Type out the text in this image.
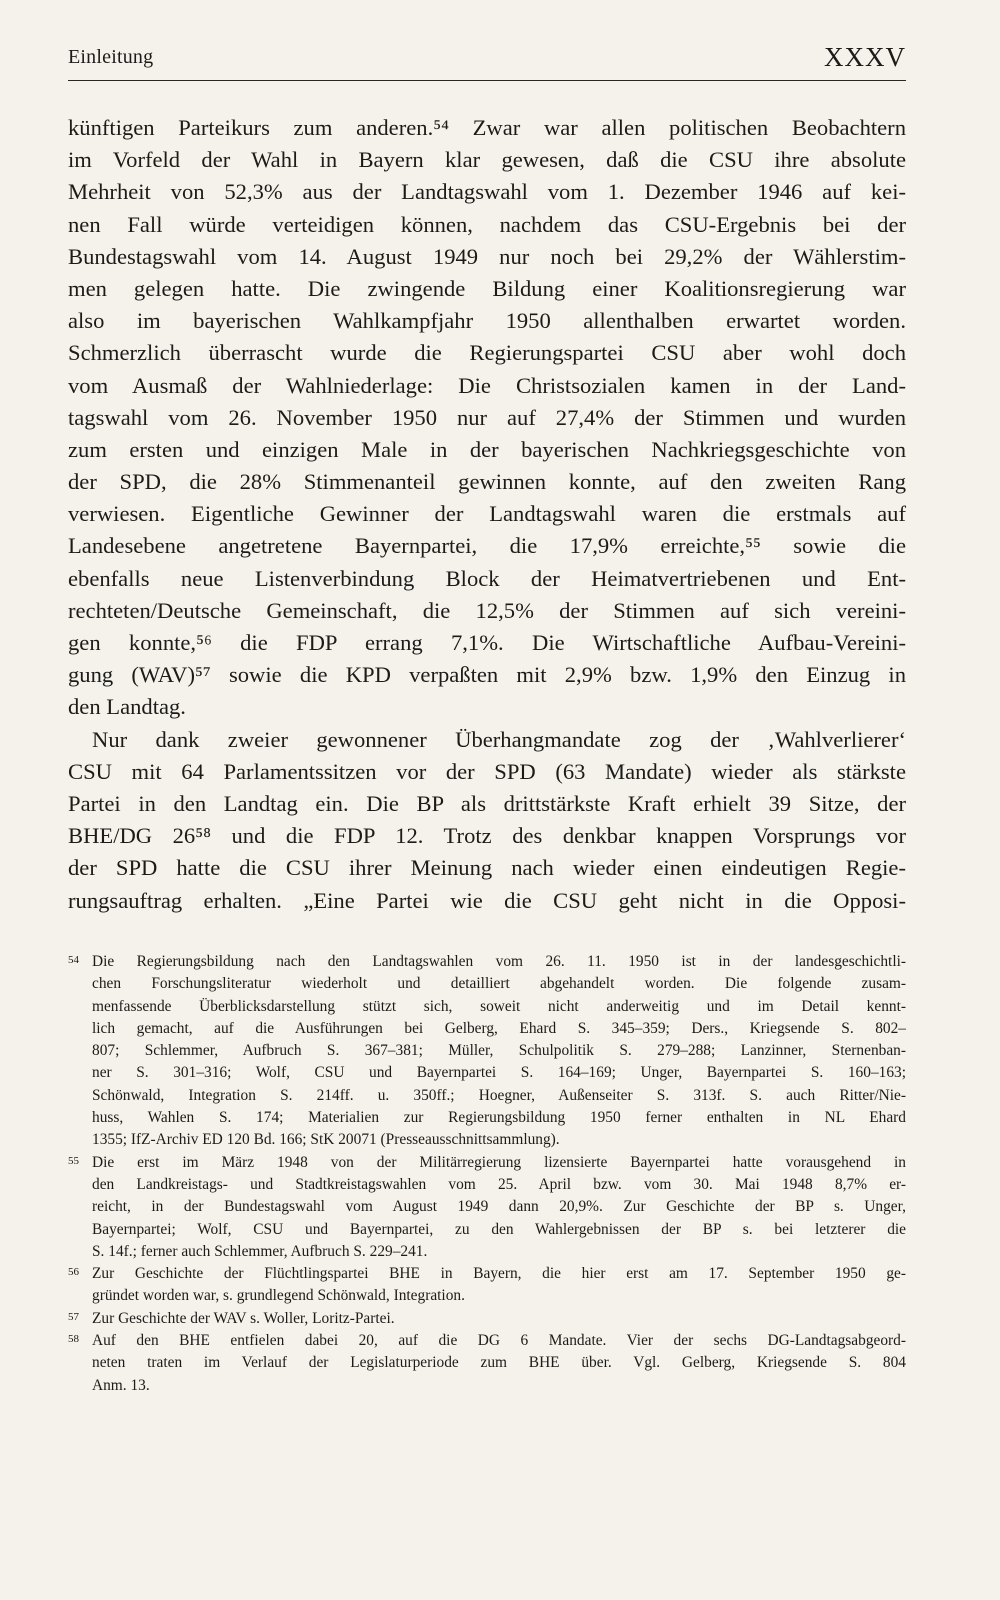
Einleitung	XXXV
künftigen Parteikurs zum anderen.⁵⁴ Zwar war allen politischen Beobachtern
im Vorfeld der Wahl in Bayern klar gewesen, daß die CSU ihre absolute
Mehrheit von 52,3% aus der Landtagswahl vom 1. Dezember 1946 auf kei-
nen Fall würde verteidigen können, nachdem das CSU-Ergebnis bei der
Bundestagswahl vom 14. August 1949 nur noch bei 29,2% der Wählerstim-
men gelegen hatte. Die zwingende Bildung einer Koalitionsregierung war
also im bayerischen Wahlkampfjahr 1950 allenthalben erwartet worden.
Schmerzlich überrascht wurde die Regierungspartei CSU aber wohl doch
vom Ausmaß der Wahlniederlage: Die Christsozialen kamen in der Land-
tagswahl vom 26. November 1950 nur auf 27,4% der Stimmen und wurden
zum ersten und einzigen Male in der bayerischen Nachkriegsgeschichte von
der SPD, die 28% Stimmenanteil gewinnen konnte, auf den zweiten Rang
verwiesen. Eigentliche Gewinner der Landtagswahl waren die erstmals auf
Landesebene angetretene Bayernpartei, die 17,9% erreichte,⁵⁵ sowie die
ebenfalls neue Listenverbindung Block der Heimatvertriebenen und Ent-
rechteten/Deutsche Gemeinschaft, die 12,5% der Stimmen auf sich vereini-
gen konnte,⁵⁶ die FDP errang 7,1%. Die Wirtschaftliche Aufbau-Vereini-
gung (WAV)⁵⁷ sowie die KPD verpaßten mit 2,9% bzw. 1,9% den Einzug in
den Landtag.
Nur dank zweier gewonnener Überhangmandate zog der ‚Wahlverlierer‘
CSU mit 64 Parlamentssitzen vor der SPD (63 Mandate) wieder als stärkste
Partei in den Landtag ein. Die BP als drittstärkste Kraft erhielt 39 Sitze, der
BHE/DG 26⁵⁸ und die FDP 12. Trotz des denkbar knappen Vorsprungs vor
der SPD hatte die CSU ihrer Meinung nach wieder einen eindeutigen Regie-
rungsauftrag erhalten. „Eine Partei wie die CSU geht nicht in die Opposi-
54 Die Regierungsbildung nach den Landtagswahlen vom 26. 11. 1950 ist in der landesgeschichtli-
chen Forschungsliteratur wiederholt und detailliert abgehandelt worden. Die folgende zusam-
menfassende Überblicksdarstellung stützt sich, soweit nicht anderweitig und im Detail kennt-
lich gemacht, auf die Ausführungen bei Gelberg, Ehard S. 345–359; Ders., Kriegsende S. 802–
807; Schlemmer, Aufbruch S. 367–381; Müller, Schulpolitik S. 279–288; Lanzinner, Sternenban-
ner S. 301–316; Wolf, CSU und Bayernpartei S. 164–169; Unger, Bayernpartei S. 160–163;
Schönwald, Integration S. 214ff. u. 350ff.; Hoegner, Außenseiter S. 313f. S. auch Ritter/Nie-
huss, Wahlen S. 174; Materialien zur Regierungsbildung 1950 ferner enthalten in NL Ehard
1355; IfZ-Archiv ED 120 Bd. 166; StK 20071 (Presseausschnittsammlung).
55 Die erst im März 1948 von der Militärregierung lizensierte Bayernpartei hatte vorausgehend in
den Landkreistags- und Stadtkreistagswahlen vom 25. April bzw. vom 30. Mai 1948 8,7% er-
reicht, in der Bundestagswahl vom August 1949 dann 20,9%. Zur Geschichte der BP s. Unger,
Bayernpartei; Wolf, CSU und Bayernpartei, zu den Wahlergebnissen der BP s. bei letzterer die
S. 14f.; ferner auch Schlemmer, Aufbruch S. 229–241.
56 Zur Geschichte der Flüchtlingspartei BHE in Bayern, die hier erst am 17. September 1950 ge-
gründet worden war, s. grundlegend Schönwald, Integration.
57 Zur Geschichte der WAV s. Woller, Loritz-Partei.
58 Auf den BHE entfielen dabei 20, auf die DG 6 Mandate. Vier der sechs DG-Landtagsabgeord-
neten traten im Verlauf der Legislaturperiode zum BHE über. Vgl. Gelberg, Kriegsende S. 804
Anm. 13.
